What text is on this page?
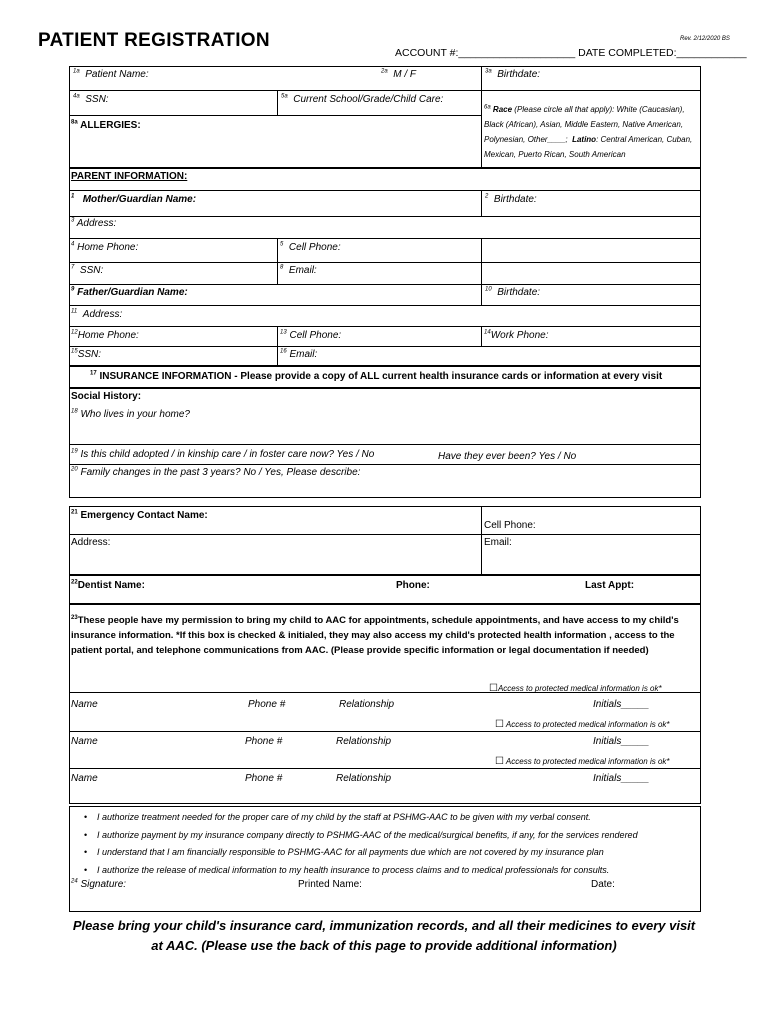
PATIENT REGISTRATION	Rev. 2/12/2020 BS
ACCOUNT #:____________________ DATE COMPLETED:____________
$^{1a}$ Patient Name:	$^{2a}$ M / F	$^{3a}$ Birthdate:
$^{4a}$ SSN:	$^{5a}$ Current School/Grade/Child Care:
$^{6a}$ Race (Please circle all that apply): White (Caucasian), Black (African), Asian, Middle Eastern, Native American, Polynesian, Other____; Latino: Central American, Cuban, Mexican, Puerto Rican, South American
$^{8a}$ ALLERGIES:
PARENT INFORMATION:
$^1$ Mother/Guardian Name:	$^2$ Birthdate:
$^3$ Address:
$^4$ Home Phone:	$^5$ Cell Phone:
$^7$ SSN:	$^8$ Email:
$^9$ Father/Guardian Name:	$^{10}$ Birthdate:
$^{11}$ Address:
$^{12}$Home Phone:	$^{13}$ Cell Phone:	$^{14}$Work Phone:
$^{15}$SSN:	$^{16}$ Email:
$^{17}$ INSURANCE INFORMATION - Please provide a copy of ALL current health insurance cards or information at every visit
Social History:
$^{18}$ Who lives in your home?
$^{19}$ Is this child adopted / in kinship care / in foster care now? Yes / No	Have they ever been? Yes / No
$^{20}$ Family changes in the past 3 years? No / Yes, Please describe:
$^{21}$ Emergency Contact Name:
Cell Phone:
Address:	Email:
$^{22}$Dentist Name:	Phone:	Last Appt:
$^{23}$These people have my permission to bring my child to AAC for appointments, schedule appointments, and have access to my child's insurance information. *If this box is checked & initialed, they may also access my child's protected health information , access to the patient portal, and telephone communications from AAC. (Please provide specific information or legal documentation if needed)
☐Access to protected medical information is ok*
Name	Phone #	Relationship	Initials_____
☐ Access to protected medical information is ok*
Name	Phone #	Relationship	Initials_____
☐ Access to protected medical information is ok*
Name	Phone #	Relationship	Initials_____
• I authorize treatment needed for the proper care of my child by the staff at PSHMG-AAC to be given with my verbal consent.
• I authorize payment by my insurance company directly to PSHMG-AAC of the medical/surgical benefits, if any, for the services rendered
• I understand that I am financially responsible to PSHMG-AAC for all payments due which are not covered by my insurance plan
• I authorize the release of medical information to my health insurance to process claims and to medical professionals for consults.
$^{24}$ Signature:	Printed Name:	Date:
Please bring your child's insurance card, immunization records, and all their medicines to every visit at AAC. (Please use the back of this page to provide additional information)
